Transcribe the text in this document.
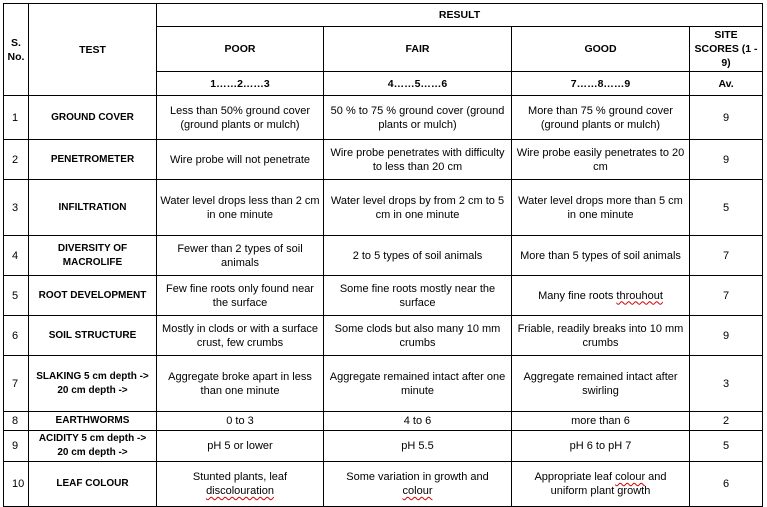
S. No.	TEST	RESULT			
		POOR	FAIR	GOOD	SITE SCORES (1 - 9)
		1……2……3	4……5……6	7……8……9	Av.
1	GROUND COVER	Less than 50% ground cover (ground plants or mulch)	50 % to 75 % ground cover (ground plants or mulch)	More than 75 % ground cover (ground plants or mulch)	9
2	PENETROMETER	Wire probe will not penetrate	Wire probe penetrates with difficulty to less than 20 cm	Wire probe easily penetrates to 20 cm	9
3	INFILTRATION	Water level drops less than 2 cm in one minute	Water level drops by from 2 cm to 5 cm in one minute	Water level drops more than 5 cm in one minute	5
4	DIVERSITY OF MACROLIFE	Fewer than 2 types of soil animals	2 to 5 types of soil animals	More than 5 types of soil animals	7
5	ROOT DEVELOPMENT	Few fine roots only found near the surface	Some fine roots mostly near the surface	Many fine roots throuhout	7
6	SOIL STRUCTURE	Mostly in clods or with a surface crust, few crumbs	Some clods but also many 10 mm crumbs	Friable, readily breaks into 10 mm crumbs	9
7	SLAKING 5 cm depth ->
20 cm depth ->	Aggregate broke apart in less than one minute	Aggregate remained intact after one minute	Aggregate remained intact after swirling	3
8	EARTHWORMS	0 to 3	4 to 6	more than 6	2
9	ACIDITY 5 cm depth ->
20 cm depth ->	pH 5 or lower	pH 5.5	pH 6 to pH 7	5
10	LEAF COLOUR	Stunted plants, leaf
discolouration	Some variation in growth and
colour	Appropriate leaf colour and uniform plant growth	6
